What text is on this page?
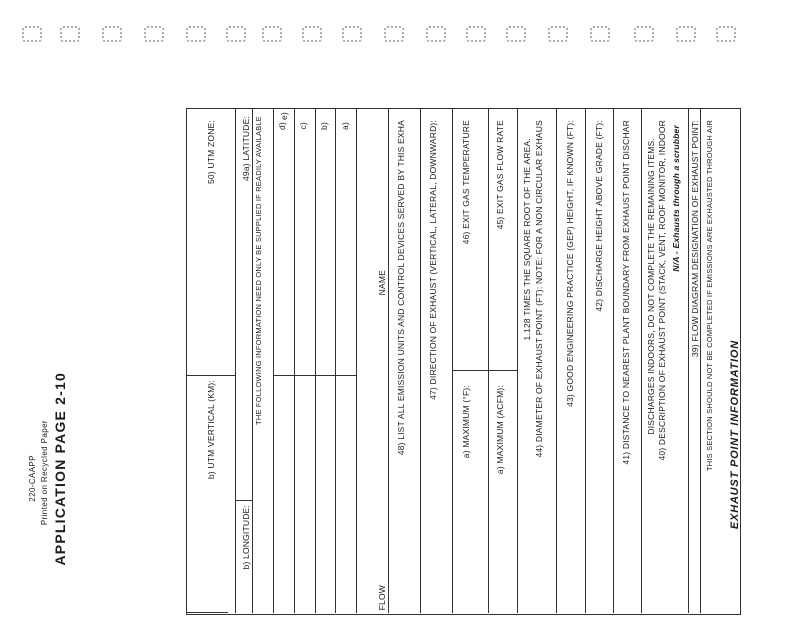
EXHAUST POINT INFORMATION
THIS SECTION SHOULD NOT BE COMPLETED IF EMISSIONS ARE EXHAUSTED THROUGH AIR
39) FLOW DIAGRAM DESIGNATION OF EXHAUST POINT:
N/A - Exhausts through a scrubber
40) DESCRIPTION OF EXHAUST POINT (STACK, VENT, ROOF MONITOR, INDOOR
DISCHARGES INDOORS, DO NOT COMPLETE THE REMAINING ITEMS.
41) DISTANCE TO NEAREST PLANT BOUNDARY FROM EXHAUST POINT DISCHAR
42) DISCHARGE HEIGHT ABOVE GRADE (FT):
43) GOOD ENGINEERING PRACTICE (GEP) HEIGHT, IF KNOWN (FT):
44) DIAMETER OF EXHAUST POINT (FT): NOTE: FOR A NON CIRCULAR EXHAUS
1.128 TIMES THE SQUARE ROOT OF THE AREA.
45) EXIT GAS FLOW RATE
a) MAXIMUM (ACFM):
46) EXIT GAS TEMPERATURE
a) MAXIMUM (°F):
47) DIRECTION OF EXHAUST (VERTICAL, LATERAL, DOWNWARD):
48) LIST ALL EMISSION UNITS AND CONTROL DEVICES SERVED BY THIS EXHA
NAME
FLOW
a)
b)
c)
d)
e)
THE FOLLOWING INFORMATION NEED ONLY BE SUPPLIED IF READILY AVAILABLE
49a) LATITUDE:
b) LONGITUDE:
50) UTM ZONE:
b) UTM VERTICAL (KM):
APPLICATION PAGE 2-10
Printed on Recycled Paper
220-CAAPP
